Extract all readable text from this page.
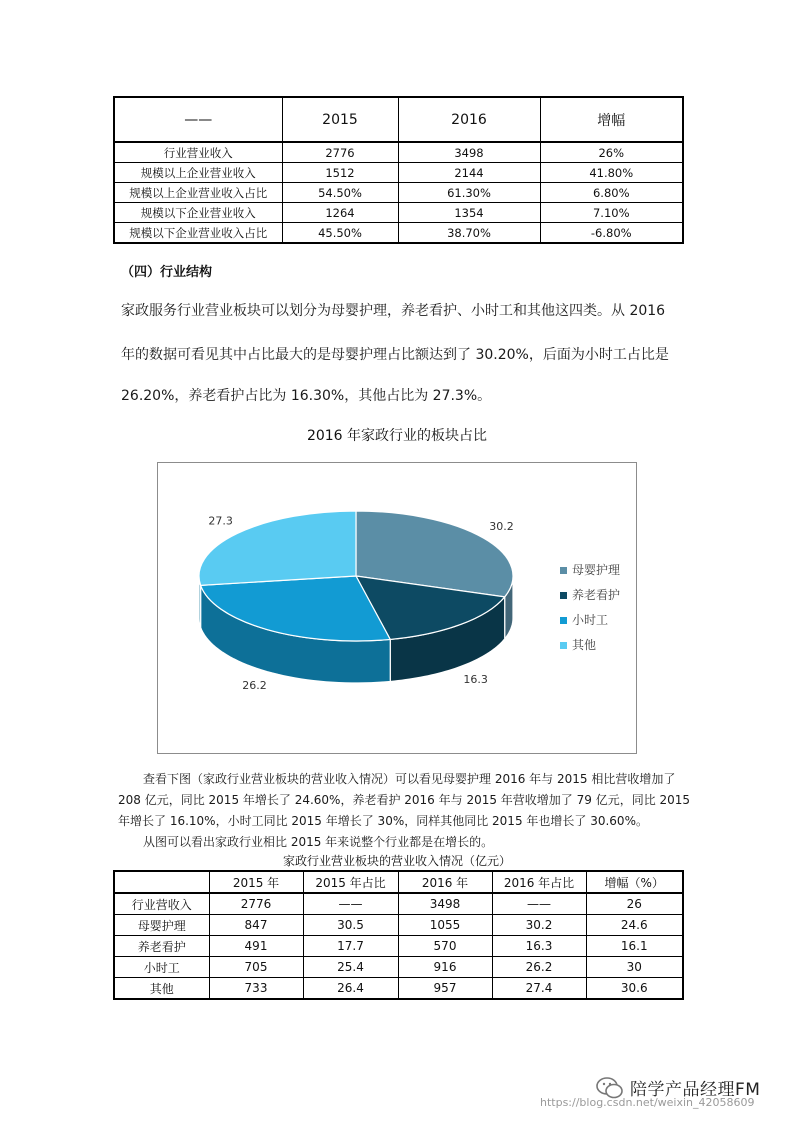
——	2015	2016	增幅
行业营业收入	2776	3498	26%
规模以上企业营业收入	1512	2144	41.80%
规模以上企业营业收入占比	54.50%	61.30%	6.80%
规模以下企业营业收入	1264	1354	7.10%
规模以下企业营业收入占比	45.50%	38.70%	-6.80%
（四）行业结构
家政服务行业营业板块可以划分为母婴护理，养老看护、小时工和其他这四类。从 2016
年的数据可看见其中占比最大的是母婴护理占比额达到了 30.20%，后面为小时工占比是
26.20%，养老看护占比为 16.30%，其他占比为 27.3%。
2016 年家政行业的板块占比
30.2
16.3
26.2
27.3
母婴护理
养老看护
小时工
其他
查看下图（家政行业营业板块的营业收入情况）可以看见母婴护理 2016 年与 2015 相比营收增加了
208 亿元，同比 2015 年增长了 24.60%，养老看护 2016 年与 2015 年营收增加了 79 亿元，同比 2015
年增长了 16.10%，小时工同比 2015 年增长了 30%，同样其他同比 2015 年也增长了 30.60%。
从图可以看出家政行业相比 2015 年来说整个行业都是在增长的。
家政行业营业板块的营业收入情况（亿元）
	2015 年	2015 年占比	2016 年	2016 年占比	增幅（%）
行业营收入	2776	——	3498	——	26
母婴护理	847	30.5	1055	30.2	24.6
养老看护	491	17.7	570	16.3	16.1
小时工	705	25.4	916	26.2	30
其他	733	26.4	957	27.4	30.6
陪学产品经理FM
https://blog.csdn.net/weixin_42058609
